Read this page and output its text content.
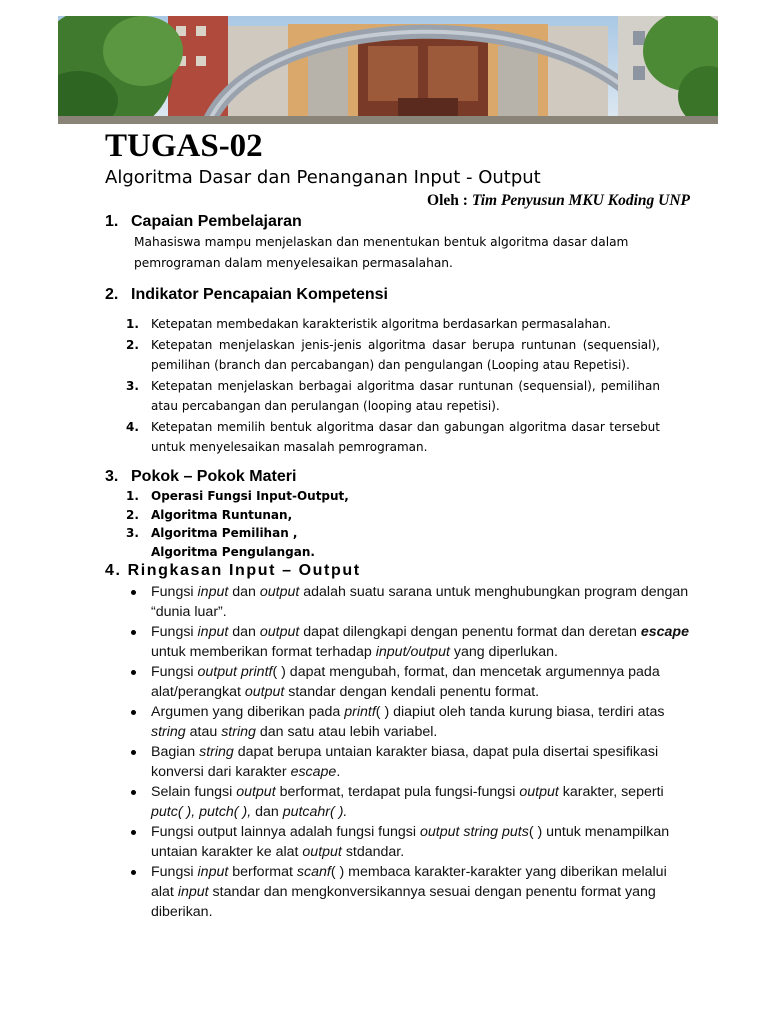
TUGAS-02

Algoritma Dasar dan Penanganan Input - Output

Oleh : Tim Penyusun MKU Koding UNP
1. Capaian Pembelajaran

Mahasiswa mampu menjelaskan dan menentukan bentuk algoritma dasar dalam pemrograman dalam menyelesaikan permasalahan.

2. Indikator Pencapaian Kompetensi
1. Ketepatan membedakan karakteristik algoritma berdasarkan permasalahan.
2. Ketepatan menjelaskan jenis-jenis algoritma dasar berupa runtunan (sequensial), pemilihan (branch dan percabangan) dan pengulangan (Looping atau Repetisi).
3. Ketepatan menjelaskan berbagai algoritma dasar runtunan (sequensial), pemilihan atau percabangan dan perulangan (looping atau repetisi).
4. Ketepatan memilih bentuk algoritma dasar dan gabungan algoritma dasar tersebut untuk menyelesaikan masalah pemrograman.
3. Pokok – Pokok Materi
1. Operasi Fungsi Input-Output,
2. Algoritma Runtunan,
3. Algoritma Pemilihan ,
Algoritma Pengulangan.
4. Ringkasan Input – Output
Fungsi input dan output adalah suatu sarana untuk menghubungkan program dengan “dunia luar”.
Fungsi input dan output dapat dilengkapi dengan penentu format dan deretan escape untuk memberikan format terhadap input/output yang diperlukan.
Fungsi output printf( ) dapat mengubah, format, dan mencetak argumennya pada alat/perangkat output standar dengan kendali penentu format.
Argumen yang diberikan pada printf( ) diapiut oleh tanda kurung biasa, terdiri atas string atau string dan satu atau lebih variabel.
Bagian string dapat berupa untaian karakter biasa, dapat pula disertai spesifikasi konversi dari karakter escape.
Selain fungsi output berformat, terdapat pula fungsi-fungsi output karakter, seperti putc( ), putch( ), dan putcahr( ).
Fungsi output lainnya adalah fungsi fungsi output string puts( ) untuk menampilkan untaian karakter ke alat output stdandar.
Fungsi input berformat scanf( ) membaca karakter-karakter yang diberikan melalui alat input standar dan mengkonversikannya sesuai dengan penentu format yang diberikan.
